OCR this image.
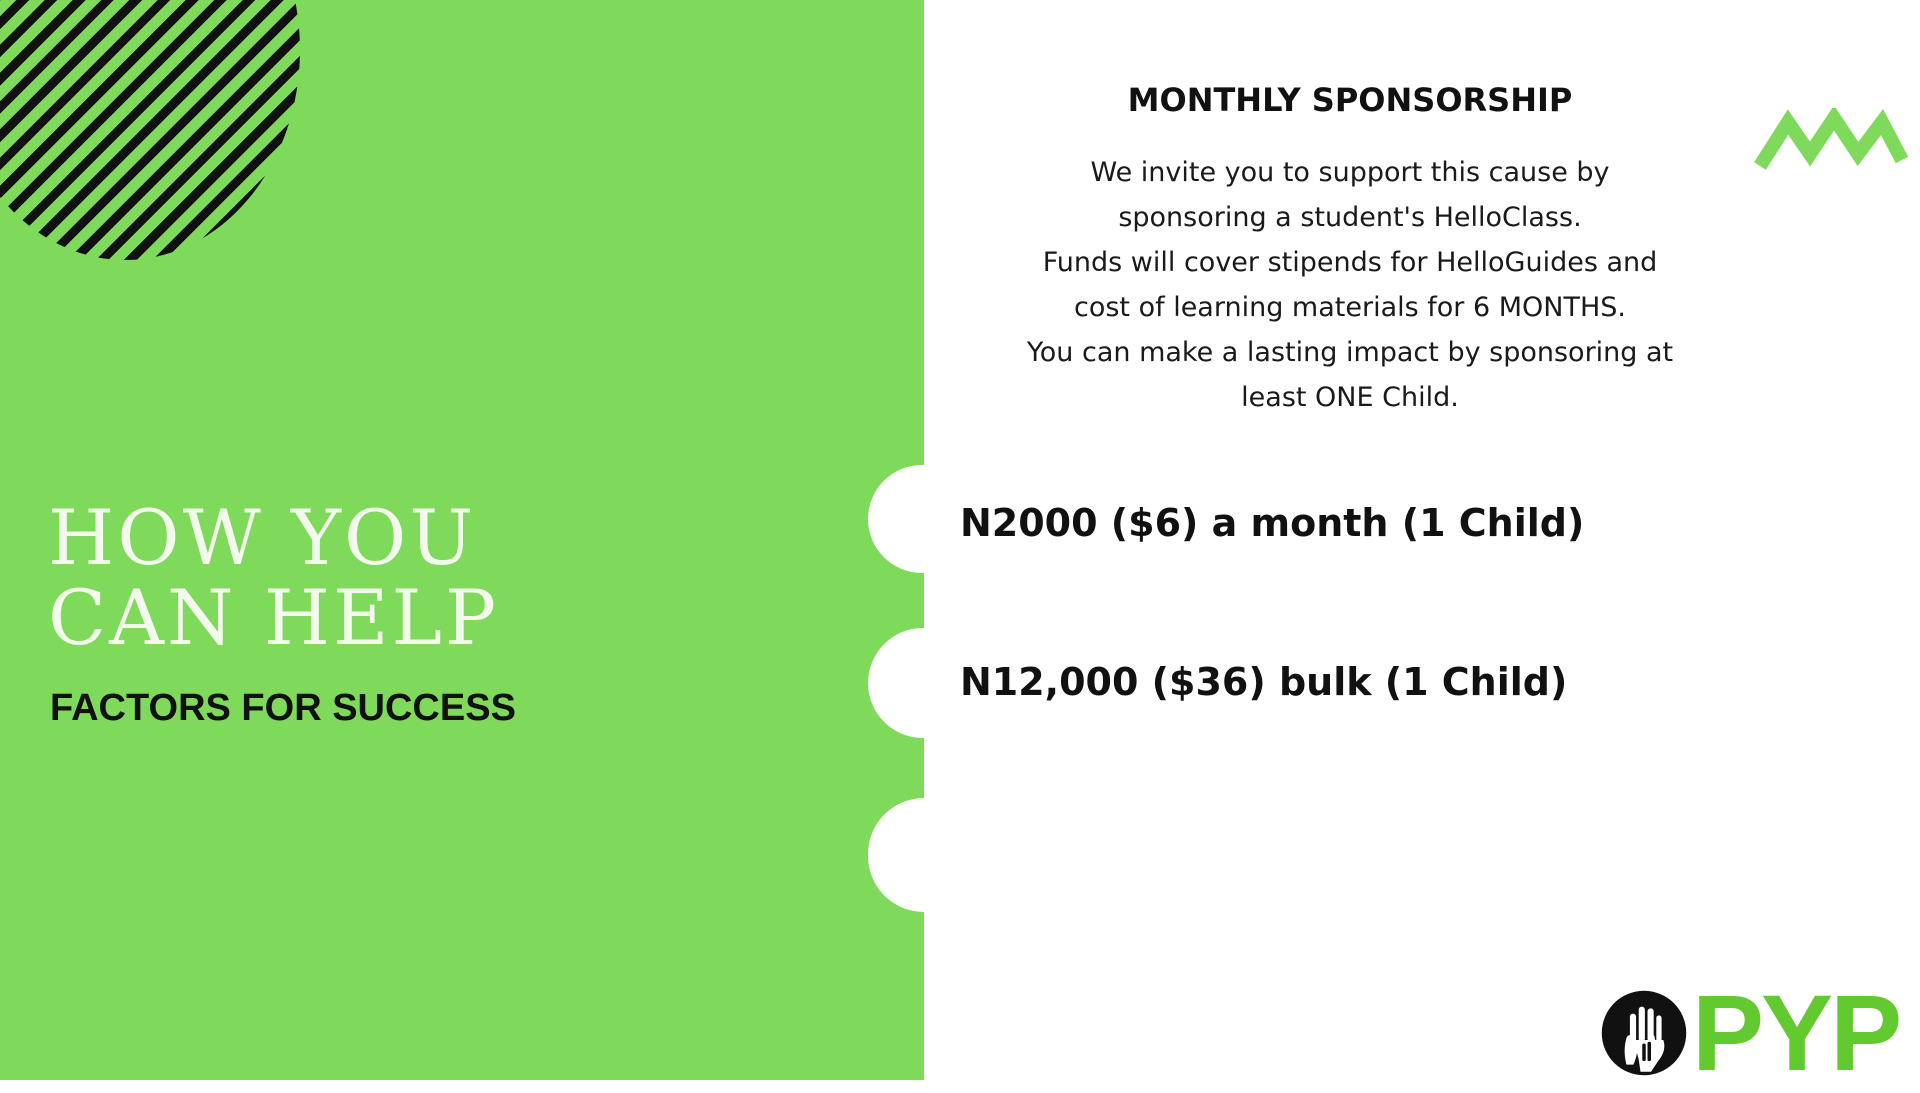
HOW YOU
CAN HELP
FACTORS FOR SUCCESS
MONTHLY SPONSORSHIP
We invite you to support this cause by
sponsoring a student's HelloClass.
Funds will cover stipends for HelloGuides and
cost of learning materials for 6 MONTHS.
You can make a lasting impact by sponsoring at
least ONE Child.
N2000 ($6) a month (1 Child)
N12,000 ($36) bulk (1 Child)
PYP
